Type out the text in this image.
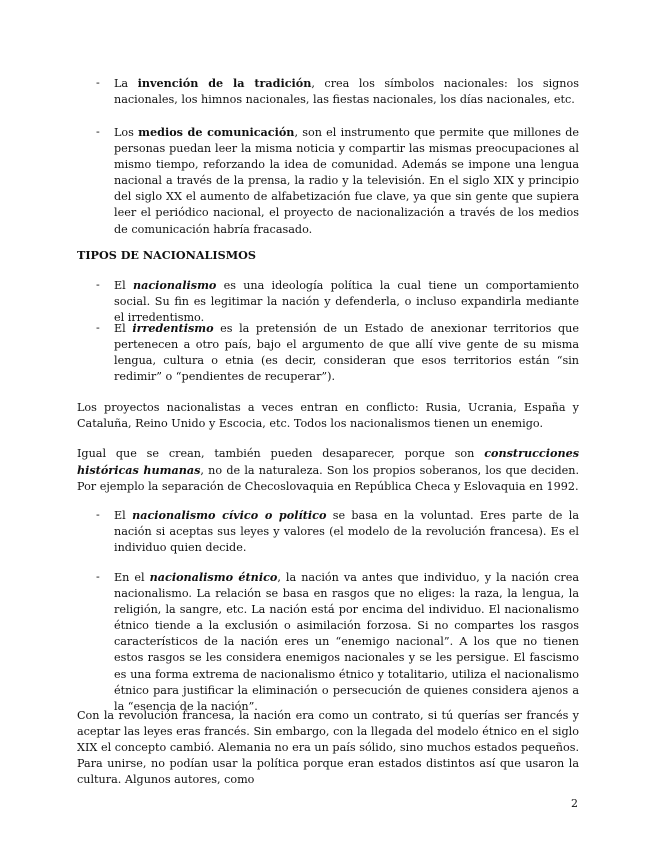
-	La invención de la tradición, crea los símbolos nacionales: los signos nacionales, los himnos nacionales, las fiestas nacionales, los días nacionales, etc.
-	Los medios de comunicación, son el instrumento que permite que millones de personas puedan leer la misma noticia y compartir las mismas preocupaciones al mismo tiempo, reforzando la idea de comunidad. Además se impone una lengua nacional a través de la prensa, la radio y la televisión. En el siglo XIX y principio del siglo XX el aumento de alfabetización fue clave, ya que sin gente que supiera leer el periódico nacional, el proyecto de nacionalización a través de los medios de comunicación habría fracasado.
TIPOS DE NACIONALISMOS
-	El nacionalismo es una ideología política la cual tiene un comportamiento social. Su fin es legitimar la nación y defenderla, o incluso expandirla mediante el irredentismo.
-	El irredentismo es la pretensión de un Estado de anexionar territorios que pertenecen a otro país, bajo el argumento de que allí vive gente de su misma lengua, cultura o etnia (es decir, consideran que esos territorios están “sin redimir” o “pendientes de recuperar”).
Los proyectos nacionalistas a veces entran en conflicto: Rusia, Ucrania, España y Cataluña, Reino Unido y Escocia, etc. Todos los nacionalismos tienen un enemigo.
Igual que se crean, también pueden desaparecer, porque son construcciones históricas humanas, no de la naturaleza. Son los propios soberanos, los que deciden. Por ejemplo la separación de Checoslovaquia en República Checa y Eslovaquia en 1992.
-	El nacionalismo cívico o político se basa en la voluntad. Eres parte de la nación si aceptas sus leyes y valores (el modelo de la revolución francesa). Es el individuo quien decide.
-	En el nacionalismo étnico, la nación va antes que individuo, y la nación crea nacionalismo. La relación se basa en rasgos que no eliges: la raza, la lengua, la religión, la sangre, etc. La nación está por encima del individuo. El nacionalismo étnico tiende a la exclusión o asimilación forzosa. Si no compartes los rasgos característicos de la nación eres un “enemigo nacional”. A los que no tienen estos rasgos se les considera enemigos nacionales y se les persigue. El fascismo es una forma extrema de nacionalismo étnico y totalitario, utiliza el nacionalismo étnico para justificar la eliminación o persecución de quienes considera ajenos a la “esencia de la nación”.
Con la revolución francesa, la nación era como un contrato, si tú querías ser francés y aceptar las leyes eras francés. Sin embargo, con la llegada del modelo étnico en el siglo XIX el concepto cambió. Alemania no era un país sólido, sino muchos estados pequeños. Para unirse, no podían usar la política porque eran estados distintos así que usaron la cultura. Algunos autores, como
2
